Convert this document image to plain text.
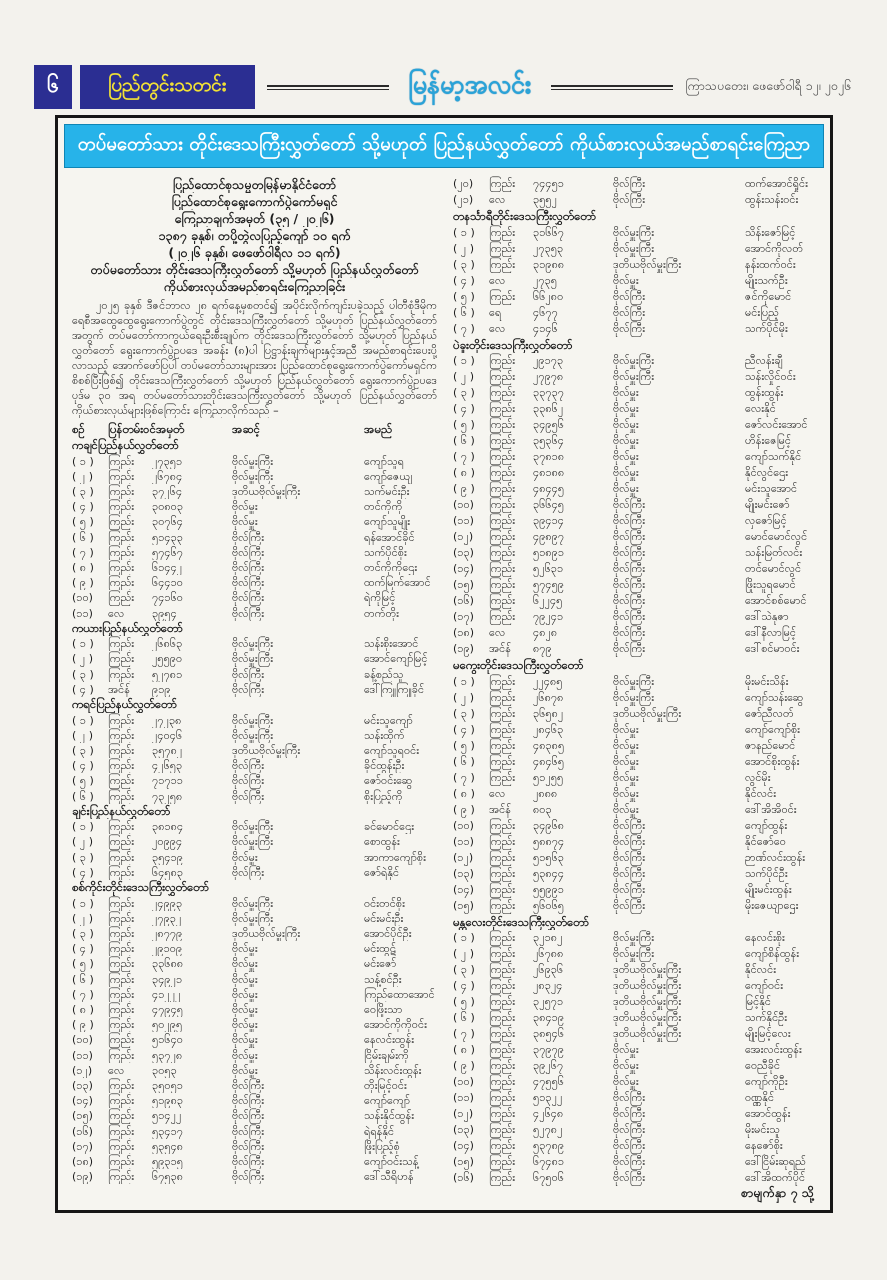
၆	ပြည်တွင်းသတင်း	မြန်မာ့အလင်း	ကြာသပတေး၊ ဖေဖော်ဝါရီ ၁၂၊ ၂၀၂၆
တပ်မတော်သား တိုင်းဒေသကြီးလွှတ်တော် သို့မဟုတ် ပြည်နယ်လွှတ်တော် ကိုယ်စားလှယ်အမည်စာရင်းကြေညာ
ပြည်ထောင်စုသမ္မတမြန်မာနိုင်ငံတော်
ပြည်ထောင်စုရွေးကောက်ပွဲကော်မရှင်
ကြေညာချက်အမှတ် (၃၅ / ၂၀၂၆)
၁၃၈၇ ခုနှစ်၊ တပို့တွဲလပြည့်ကျော် ၁၀ ရက်
(၂၀၂၆ ခုနှစ်၊ ဖေဖော်ဝါရီလ ၁၁ ရက်)
တပ်မတော်သား တိုင်းဒေသကြီးလွှတ်တော် သို့မဟုတ် ပြည်နယ်လွှတ်တော်
ကိုယ်စားလှယ်အမည်စာရင်းကြေညာခြင်း
၂၀၂၅ ခုနှစ် ဒီဇင်ဘာလ ၂၈ ရက်နေ့မှစတင်၍ အပိုင်းလိုက်ကျင်းပခဲ့သည့် ပါတီစုံဒီမိုကရေစီအထွေထွေရွေးကောက်ပွဲတွင် တိုင်းဒေသကြီးလွှတ်တော် သို့မဟုတ် ပြည်နယ်လွှတ်တော်အတွက် တပ်မတော်ကာကွယ်ရေးဦးစီးချုပ်က တိုင်းဒေသကြီးလွှတ်တော် သို့မဟုတ် ပြည်နယ်လွှတ်တော် ရွေးကောက်ပွဲဥပဒေ အခန်း (၈)ပါ ပြဋ္ဌာန်းချက်များနှင့်အညီ အမည်စာရင်းပေးပို့လာသည့် အောက်ဖော်ပြပါ တပ်မတော်သားများအား ပြည်ထောင်စုရွေးကောက်ပွဲကော်မရှင်က စိစစ်ပြီးဖြစ်၍ တိုင်းဒေသကြီးလွှတ်တော် သို့မဟုတ် ပြည်နယ်လွှတ်တော် ရွေးကောက်ပွဲဥပဒေပုဒ်မ ၃၀ အရ တပ်မတော်သားတိုင်းဒေသကြီးလွှတ်တော် သို့မဟုတ် ပြည်နယ်လွှတ်တော်ကိုယ်စားလှယ်များဖြစ်ကြောင်း ကြေညာလိုက်သည် –
စဉ်	ပြန်တမ်းဝင်အမှတ်	အဆင့်	အမည်
ကချင်ပြည်နယ်လွှတ်တော်
( ၁ )	ကြည်း	၂၇၃၅၁	ဗိုလ်မှူးကြီး	ကျော်သူရ
( ၂ )	ကြည်း	၂၆၇၈၄	ဗိုလ်မှူးကြီး	ကျော်ဇေယျ
( ၃ )	ကြည်း	၃၇၂၆၄	ဒုတိယဗိုလ်မှူးကြီး	သက်မင်းဦး
( ၄ )	ကြည်း	၃၀၈၀၃	ဗိုလ်မှူး	တင်ကိုကို
( ၅ )	ကြည်း	၃၀၇၆၄	ဗိုလ်မှူး	ကျော်သူမျိုး
( ၆ )	ကြည်း	၅၁၄၃၃	ဗိုလ်ကြီး	ရန်အောင်ခိုင်
( ၇ )	ကြည်း	၅၇၄၆၇	ဗိုလ်ကြီး	သက်ပိုင်စိုး
( ၈ )	ကြည်း	၆၁၄၄၂	ဗိုလ်ကြီး	တင်ကိုကိုဌေး
( ၉ )	ကြည်း	၆၄၄၁၀	ဗိုလ်ကြီး	ထက်မြက်အောင်
(၁၀)	ကြည်း	၇၄၁၆၀	ဗိုလ်ကြီး	ရဲကိုမြင့်
(၁၁)	လေ	၃၉၅၄	ဗိုလ်ကြီး	တက်တိုး
ကယားပြည်နယ်လွှတ်တော်
( ၁ )	ကြည်း	၂၆၈၆၃	ဗိုလ်မှူးကြီး	သန်းစိုးအောင်
( ၂ )	ကြည်း	၂၅၅၉၀	ဗိုလ်မှူးကြီး	အောင်ကျော်မြင့်
( ၃ )	ကြည်း	၅၂၇၈၁	ဗိုလ်ကြီး	ခန့်စည်သူ
( ၄ )	အင်န်	၉၁၉	ဗိုလ်ကြီး	ဒေါ်ကြူကြူခိုင်
ကရင်ပြည်နယ်လွှတ်တော်
( ၁ )	ကြည်း	၂၇၂၃၈	ဗိုလ်မှူးကြီး	မင်းသူကျော်
( ၂ )	ကြည်း	၂၄၀၄၆	ဗိုလ်မှူးကြီး	သန်းထိုက်
( ၃ )	ကြည်း	၃၅၇၈၂	ဒုတိယဗိုလ်မှူးကြီး	ကျော်သူရဝင်း
( ၄ )	ကြည်း	၄၂၆၅၃	ဗိုလ်ကြီး	ခိုင်ထွန်းဦး
( ၅ )	ကြည်း	၇၁၇၁၁	ဗိုလ်ကြီး	ဇော်ဝင်းဆွေ
( ၆ )	ကြည်း	၇၃၂၅၈	ဗိုလ်ကြီး	စိုးပြည့်ကို
ချင်းပြည်နယ်လွှတ်တော်
( ၁ )	ကြည်း	၃၈၁၈၄	ဗိုလ်မှူးကြီး	ခင်မောင်ဌေး
( ၂ )	ကြည်း	၂၀၉၉၄	ဗိုလ်မှူးကြီး	စောထွန်း
( ၃ )	ကြည်း	၃၅၄၁၉	ဗိုလ်မှူး	အာကာကျော်စိုး
( ၄ )	ကြည်း	၆၄၅၈၃	ဗိုလ်ကြီး	ဇော်ရဲနိုင်
စစ်ကိုင်းတိုင်းဒေသကြီးလွှတ်တော်
( ၁ )	ကြည်း	၂၄၉၉၃	ဗိုလ်မှူးကြီး	ဝင်းတင်စိုး
( ၂ )	ကြည်း	၂၇၉၃၂	ဗိုလ်မှူးကြီး	မင်းမင်းဦး
( ၃ )	ကြည်း	၂၈၇၇၉	ဒုတိယဗိုလ်မှူးကြီး	အောင်ပိုင်ဦး
( ၄ )	ကြည်း	၂၉၁၀၉	ဗိုလ်မှူး	မင်းထွဋ်
( ၅ )	ကြည်း	၃၃၆၈၈	ဗိုလ်မှူး	မင်းဇော်
( ၆ )	ကြည်း	၃၄၉၂၁	ဗိုလ်မှူး	သန့်စင်ဦး
( ၇ )	ကြည်း	၄၁၂၂၂	ဗိုလ်မှူး	ကြည်ထောအောင်
( ၈ )	ကြည်း	၄၇၉၄၅	ဗိုလ်မှူး	ဝေဖြိုးသာ
( ၉ )	ကြည်း	၅၀၂၉၅	ဗိုလ်မှူး	အောင်ကိုကိုဝင်း
(၁၀)	ကြည်း	၅၁၆၄၀	ဗိုလ်မှူး	နေလင်းထွန်း
(၁၁)	ကြည်း	၅၃၇၂၈	ဗိုလ်မှူး	ငြိမ်းချမ်းကို
(၁၂)	လေ	၃၀၅၃	ဗိုလ်မှူး	သိန်းလင်းထွန်း
(၁၃)	ကြည်း	၃၅၀၅၁	ဗိုလ်ကြီး	တိုးမြင့်ဝင်း
(၁၄)	ကြည်း	၅၁၉၈၃	ဗိုလ်ကြီး	ကျော်ကျော်
(၁၅)	ကြည်း	၅၁၄၂၂	ဗိုလ်ကြီး	သန်းနိုင်ထွန်း
(၁၆)	ကြည်း	၅၃၄၁၇	ဗိုလ်ကြီး	ရဲရန်နိုင်
(၁၇)	ကြည်း	၅၃၅၄၈	ဗိုလ်ကြီး	ဖြိုးပြည့်စုံ
(၁၈)	ကြည်း	၅၉၃၁၅	ဗိုလ်ကြီး	ကျော်ဝင်းသန့်
(၁၉)	ကြည်း	၆၇၅၃၈	ဗိုလ်ကြီး	ဒေါ်သီရိဟန်
(၂၀)	ကြည်း	၇၄၄၅၁	ဗိုလ်ကြီး	ထက်အောင်ရှိုင်း
(၂၁)	လေ	၃၅၅၂	ဗိုလ်ကြီး	ထွန်းသန်းဝင်း
တနင်္သာရီတိုင်းဒေသကြီးလွှတ်တော်
( ၁ )	ကြည်း	၃၁၆၆၇	ဗိုလ်မှူးကြီး	သိန်းဇော်မြင့်
( ၂ )	ကြည်း	၂၇၃၅၃	ဗိုလ်မှူးကြီး	အောင်ကိုလတ်
( ၃ )	ကြည်း	၃၁၉၈၈	ဒုတိယဗိုလ်မှူးကြီး	နန်းထက်ဝင်း
( ၄ )	လေ	၂၇၃၅	ဗိုလ်မှူး	မျိုးသက်ဦး
( ၅ )	ကြည်း	၆၆၂၈၀	ဗိုလ်ကြီး	ဇင်ကိုမောင်
( ၆ )	ရေ	၄၆၇၇	ဗိုလ်ကြီး	မင်းပြည့်
( ၇ )	လေ	၄၁၄၆	ဗိုလ်ကြီး	သက်ပိုင်မိုး
ပဲခူးတိုင်းဒေသကြီးလွှတ်တော်
( ၁ )	ကြည်း	၂၉၁၇၃	ဗိုလ်မှူးကြီး	ညီလန်းချီ
( ၂ )	ကြည်း	၂၇၉၇၈	ဗိုလ်မှူးကြီး	သန်းလှိုင်ဝင်း
( ၃ )	ကြည်း	၃၃၇၃၇	ဗိုလ်မှူး	ထွန်းထွန်း
( ၄ )	ကြည်း	၃၃၈၆၂	ဗိုလ်မှူး	လေးနိုင်
( ၅ )	ကြည်း	၃၄၉၅၆	ဗိုလ်မှူး	ဇော်လင်းအောင်
( ၆ )	ကြည်း	၃၅၃၆၄	ဗိုလ်မှူး	ဟိန်းဇေမြင့်
( ၇ )	ကြည်း	၃၇၈၁၈	ဗိုလ်မှူး	ကျော်သက်နိုင်
( ၈ )	ကြည်း	၄၈၁၈၈	ဗိုလ်မှူး	နိုင်လွင်ဌေး
( ၉ )	ကြည်း	၄၈၄၄၅	ဗိုလ်မှူး	မင်းသူအောင်
(၁၀)	ကြည်း	၃၆၆၄၅	ဗိုလ်ကြီး	မျိုးမင်းဇော်
(၁၁)	ကြည်း	၃၉၄၁၄	ဗိုလ်ကြီး	လှဇော်မြင့်
(၁၂)	ကြည်း	၄၉၈၉၇	ဗိုလ်ကြီး	မောင်မောင်လွင်
(၁၃)	ကြည်း	၅၁၈၉၁	ဗိုလ်ကြီး	သန်းမြတ်လင်း
(၁၄)	ကြည်း	၅၂၆၃၁	ဗိုလ်ကြီး	တင်မောင်လွင်
(၁၅)	ကြည်း	၅၇၄၅၉	ဗိုလ်ကြီး	ဖြိုးသူရမောင်
(၁၆)	ကြည်း	၆၂၂၄၅	ဗိုလ်ကြီး	အောင်စစ်မောင်
(၁၇)	ကြည်း	၇၉၂၄၁	ဗိုလ်ကြီး	ဒေါ်သဲနုဇာ
(၁၈)	လေ	၄၈၂၈	ဗိုလ်ကြီး	ဒေါ်နီလာမြင့်
(၁၉)	အင်န်	၈၇၉	ဗိုလ်ကြီး	ဒေါ်စင်မာဝင်း
မကွေးတိုင်းဒေသကြီးလွှတ်တော်
( ၁ )	ကြည်း	၂၂၄၈၅	ဗိုလ်မှူးကြီး	မိုးမင်းသိန်း
( ၂ )	ကြည်း	၂၆၈၇၈	ဗိုလ်မှူးကြီး	ကျော်သန်းဆွေ
( ၃ )	ကြည်း	၃၆၅၈၂	ဒုတိယဗိုလ်မှူးကြီး	ဇော်ညီလတ်
( ၄ )	ကြည်း	၂၈၄၆၃	ဗိုလ်မှူး	ကျော်ကျော်စိုး
( ၅ )	ကြည်း	၄၈၃၈၅	ဗိုလ်မှူး	ဇာနည်မောင်
( ၆ )	ကြည်း	၄၈၄၆၅	ဗိုလ်မှူး	အောင်စိုးထွန်း
( ၇ )	ကြည်း	၅၁၂၅၅	ဗိုလ်မှူး	လွင်မိုး
( ၈ )	လေ	၂၈၈၈	ဗိုလ်မှူး	နိုင်လင်း
( ၉ )	အင်န်	၈၀၃	ဗိုလ်မှူး	ဒေါ်အိအိဝင်း
(၁၀)	ကြည်း	၃၄၉၆၈	ဗိုလ်ကြီး	ကျော်ထွန်း
(၁၁)	ကြည်း	၅၈၈၇၄	ဗိုလ်ကြီး	နိုင်ဇော်ဝေ
(၁၂)	ကြည်း	၅၁၅၆၃	ဗိုလ်ကြီး	ဉာဏ်လင်းထွန်း
(၁၃)	ကြည်း	၅၃၈၄၄	ဗိုလ်ကြီး	သက်ပိုင်ဦး
(၁၄)	ကြည်း	၅၅၉၉၁	ဗိုလ်ကြီး	မျိုးမင်းထွန်း
(၁၅)	ကြည်း	၅၆၀၆၅	ဗိုလ်ကြီး	မိုးဇေယျာဌေး
မန္တလေးတိုင်းဒေသကြီးလွှတ်တော်
( ၁ )	ကြည်း	၃၂၁၈၂	ဗိုလ်မှူးကြီး	နေလင်းစိုး
( ၂ )	ကြည်း	၂၆၇၈၈	ဗိုလ်မှူးကြီး	ကျော်စိန်ထွန်း
( ၃ )	ကြည်း	၂၆၉၃၆	ဒုတိယဗိုလ်မှူးကြီး	နိုင်လင်း
( ၄ )	ကြည်း	၂၈၃၂၄	ဒုတိယဗိုလ်မှူးကြီး	ကျော်ဝင်း
( ၅ )	ကြည်း	၃၂၅၇၁	ဒုတိယဗိုလ်မှူးကြီး	မြင့်နိုင်
( ၆ )	ကြည်း	၃၈၄၁၉	ဒုတိယဗိုလ်မှူးကြီး	သက်နိုင်ဦး
( ၇ )	ကြည်း	၃၈၅၄၆	ဒုတိယဗိုလ်မှူးကြီး	မျိုးမြင့်လေး
( ၈ )	ကြည်း	၃၇၉၇၉	ဗိုလ်မှူး	အေးလင်းထွန်း
( ၉ )	ကြည်း	၃၉၂၆၇	ဗိုလ်မှူး	ဝေညီခိုင်
(၁၀)	ကြည်း	၄၇၅၅၆	ဗိုလ်မှူး	ကျော်ကိုဦး
(၁၁)	ကြည်း	၅၁၃၂၂	ဗိုလ်ကြီး	ဝဏ္ဏနိုင်
(၁၂)	ကြည်း	၄၂၆၄၈	ဗိုလ်ကြီး	အောင်ထွန်း
(၁၃)	ကြည်း	၅၂၇၈၂	ဗိုလ်ကြီး	မိုးမင်းသူ
(၁၄)	ကြည်း	၅၃၇၈၉	ဗိုလ်ကြီး	နေဇော်စိုး
(၁၅)	ကြည်း	၆၇၄၈၁	ဗိုလ်ကြီး	ဒေါ်ငြိမ်းဆုရည်
(၁၆)	ကြည်း	၆၇၅၀၆	ဗိုလ်ကြီး	ဒေါ်အိထက်ပိုင်
စာမျက်နှာ ၇ သို့
